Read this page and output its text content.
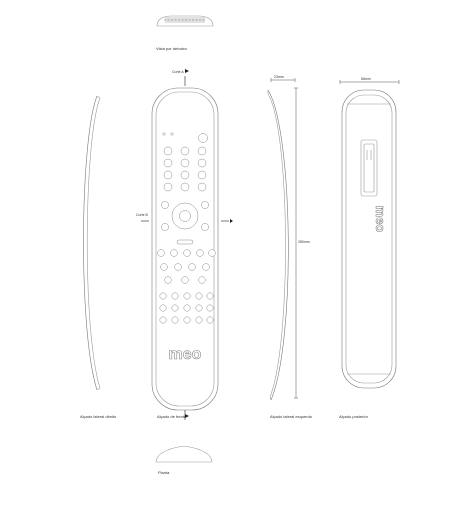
meo
meo
Vista por debaixo
Alçado lateral direito	Alçado de frente	Alçado lateral esquerdo	Alçado posterior
Planta
Corte A
Corte B
23mm	56mm
280mm
